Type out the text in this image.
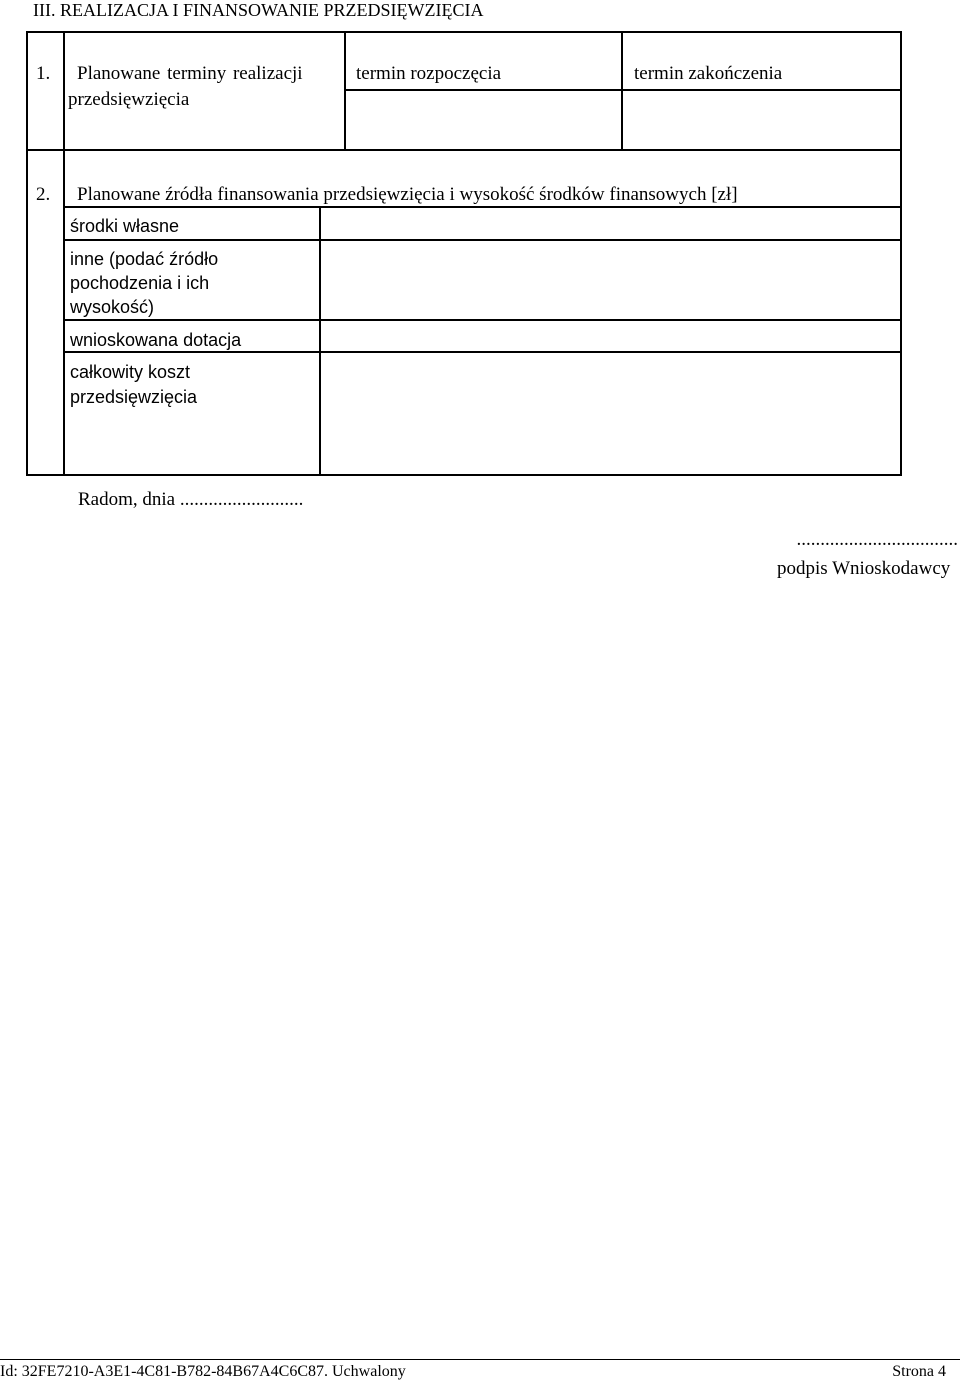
III. REALIZACJA I FINANSOWANIE PRZEDSIĘWZIĘCIA
1. Planowane terminy realizacji
przedsięwzięcia
termin rozpoczęcia	termin zakończenia
2. Planowane źródła finansowania przedsięwzięcia i wysokość środków finansowych [zł]
środki własne
inne (podać źródło
pochodzenia i ich
wysokość)
wnioskowana dotacja
całkowity koszt
przedsięwzięcia
Radom, dnia ..........................
..................................
podpis Wnioskodawcy
Id: 32FE7210-A3E1-4C81-B782-84B67A4C6C87. Uchwalony	Strona 4
